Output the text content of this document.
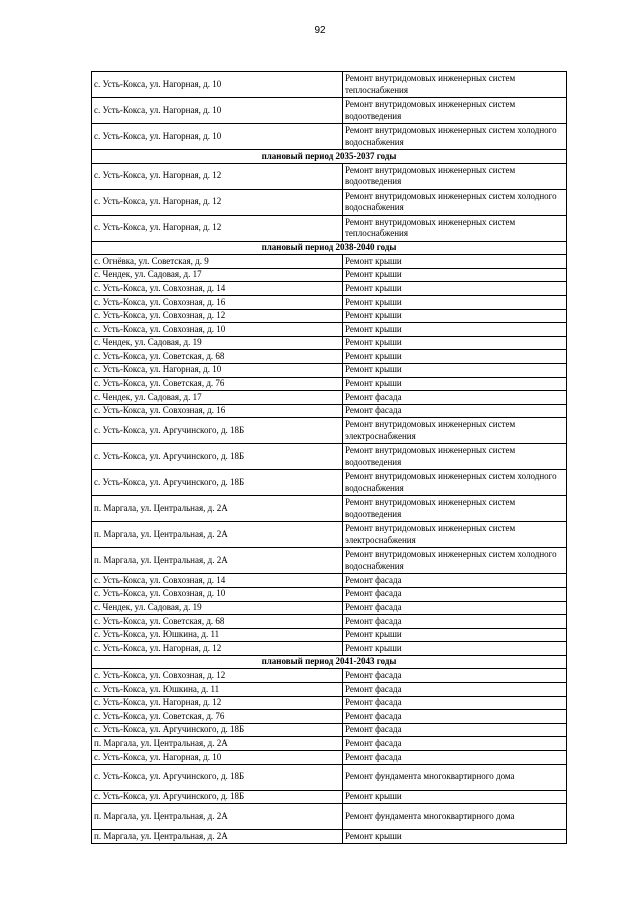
92
с. Усть-Кокса, ул. Нагорная, д. 10	Ремонт внутридомовых инженерных систем теплоснабжения
с. Усть-Кокса, ул. Нагорная, д. 10	Ремонт внутридомовых инженерных систем водоотведения
с. Усть-Кокса, ул. Нагорная, д. 10	Ремонт внутридомовых инженерных систем холодного водоснабжения
плановый период 2035-2037 годы	
с. Усть-Кокса, ул. Нагорная, д. 12	Ремонт внутридомовых инженерных систем водоотведения
с. Усть-Кокса, ул. Нагорная, д. 12	Ремонт внутридомовых инженерных систем холодного водоснабжения
с. Усть-Кокса, ул. Нагорная, д. 12	Ремонт внутридомовых инженерных систем теплоснабжения
плановый период 2038-2040 годы	
с. Огнёвка, ул. Советская, д. 9	Ремонт крыши
с. Чендек, ул. Садовая, д. 17	Ремонт крыши
с. Усть-Кокса, ул. Совхозная, д. 14	Ремонт крыши
с. Усть-Кокса, ул. Совхозная, д. 16	Ремонт крыши
с. Усть-Кокса, ул. Совхозная, д. 12	Ремонт крыши
с. Усть-Кокса, ул. Совхозная, д. 10	Ремонт крыши
с. Чендек, ул. Садовая, д. 19	Ремонт крыши
с. Усть-Кокса, ул. Советская, д. 68	Ремонт крыши
с. Усть-Кокса, ул. Нагорная, д. 10	Ремонт крыши
с. Усть-Кокса, ул. Советская, д. 76	Ремонт крыши
с. Чендек, ул. Садовая, д. 17	Ремонт фасада
с. Усть-Кокса, ул. Совхозная, д. 16	Ремонт фасада
с. Усть-Кокса, ул. Аргучинского, д. 18Б	Ремонт внутридомовых инженерных систем электроснабжения
с. Усть-Кокса, ул. Аргучинского, д. 18Б	Ремонт внутридомовых инженерных систем водоотведения
с. Усть-Кокса, ул. Аргучинского, д. 18Б	Ремонт внутридомовых инженерных систем холодного водоснабжения
п. Маргала, ул. Центральная, д. 2А	Ремонт внутридомовых инженерных систем водоотведения
п. Маргала, ул. Центральная, д. 2А	Ремонт внутридомовых инженерных систем электроснабжения
п. Маргала, ул. Центральная, д. 2А	Ремонт внутридомовых инженерных систем холодного водоснабжения
с. Усть-Кокса, ул. Совхозная, д. 14	Ремонт фасада
с. Усть-Кокса, ул. Совхозная, д. 10	Ремонт фасада
с. Чендек, ул. Садовая, д. 19	Ремонт фасада
с. Усть-Кокса, ул. Советская, д. 68	Ремонт фасада
с. Усть-Кокса, ул. Юшкина, д. 11	Ремонт крыши
с. Усть-Кокса, ул. Нагорная, д. 12	Ремонт крыши
плановый период 2041-2043 годы	
с. Усть-Кокса, ул. Совхозная, д. 12	Ремонт фасада
с. Усть-Кокса, ул. Юшкина, д. 11	Ремонт фасада
с. Усть-Кокса, ул. Нагорная, д. 12	Ремонт фасада
с. Усть-Кокса, ул. Советская, д. 76	Ремонт фасада
с. Усть-Кокса, ул. Аргучинского, д. 18Б	Ремонт фасада
п. Маргала, ул. Центральная, д. 2А	Ремонт фасада
с. Усть-Кокса, ул. Нагорная, д. 10	Ремонт фасада
с. Усть-Кокса, ул. Аргучинского, д. 18Б	Ремонт фундамента многоквартирного дома
с. Усть-Кокса, ул. Аргучинского, д. 18Б	Ремонт крыши
п. Маргала, ул. Центральная, д. 2А	Ремонт фундамента многоквартирного дома
п. Маргала, ул. Центральная, д. 2А	Ремонт крыши
